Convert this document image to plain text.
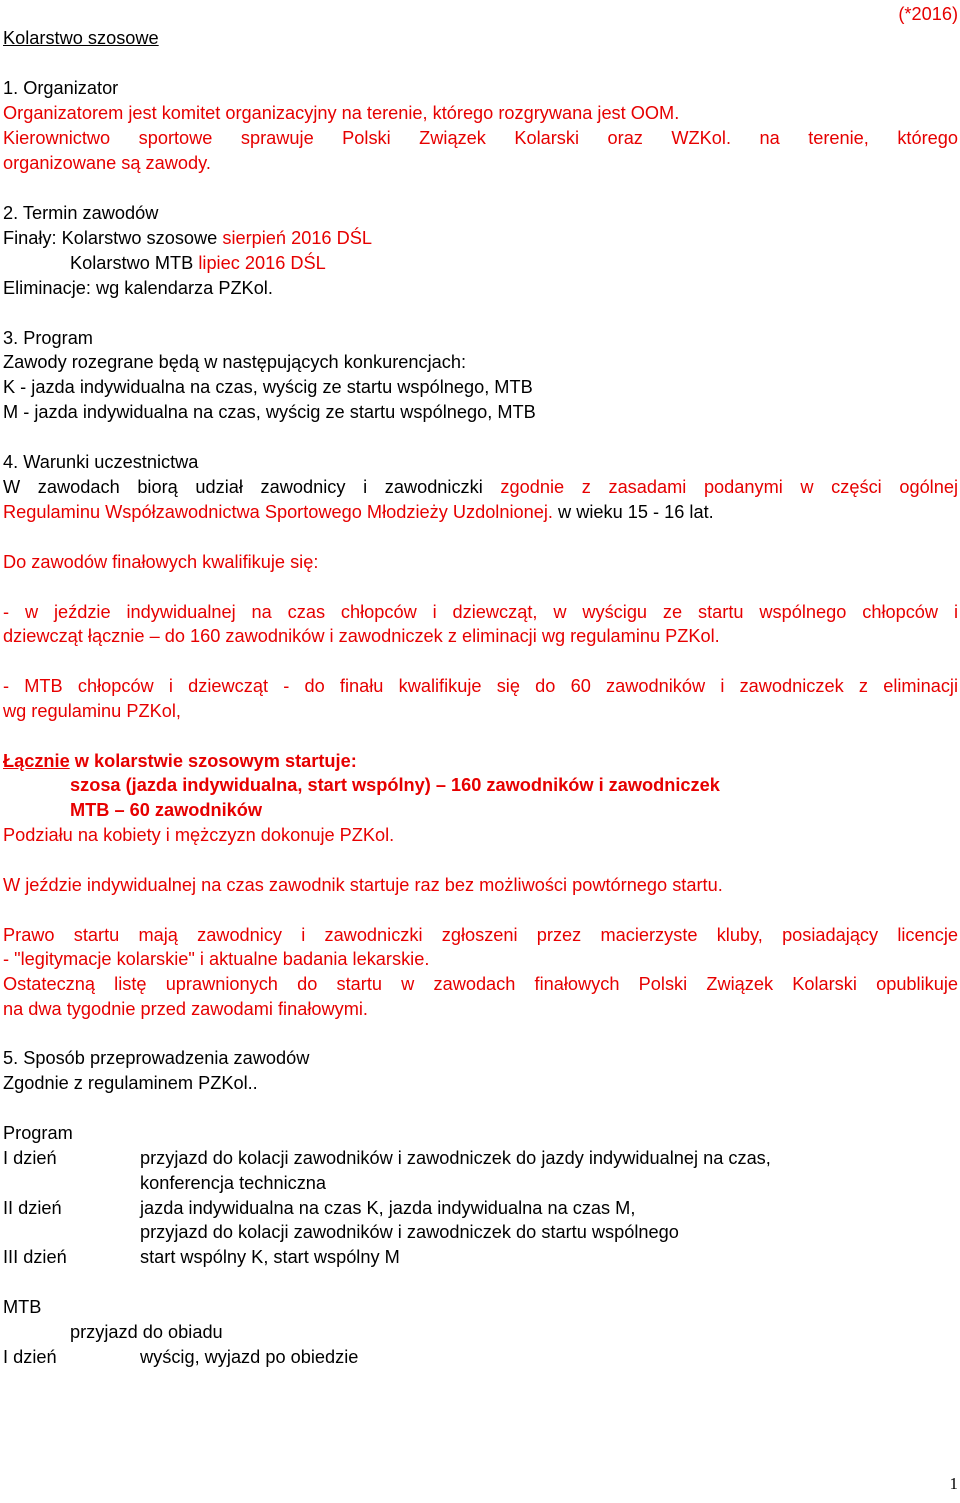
Kolarstwo szosowe
(*2016)
1. Organizator
Organizatorem jest komitet organizacyjny na terenie, którego rozgrywana jest OOM.
Kierownictwo sportowe sprawuje Polski Związek Kolarski oraz WZKol. na terenie, którego
organizowane są zawody.
2. Termin zawodów
Finały: Kolarstwo szosowe sierpień 2016 DŚL
Kolarstwo MTB lipiec 2016 DŚL
Eliminacje: wg kalendarza PZKol.
3. Program
Zawody rozegrane będą w następujących konkurencjach:
K - jazda indywidualna na czas, wyścig ze startu wspólnego, MTB
M - jazda indywidualna na czas, wyścig ze startu wspólnego, MTB
4. Warunki uczestnictwa
W zawodach biorą udział zawodnicy i zawodniczki zgodnie z zasadami podanymi w części ogólnej
Regulaminu Współzawodnictwa Sportowego Młodzieży Uzdolnionej. w wieku 15 - 16 lat.
Do zawodów finałowych kwalifikuje się:
- w jeździe indywidualnej na czas chłopców i dziewcząt, w wyścigu ze startu wspólnego chłopców i
dziewcząt łącznie – do 160 zawodników i zawodniczek z eliminacji wg regulaminu PZKol.
- MTB chłopców i dziewcząt - do finału kwalifikuje się do 60 zawodników i zawodniczek z eliminacji
wg regulaminu PZKol,
Łącznie w kolarstwie szosowym startuje:
szosa (jazda indywidualna, start wspólny) – 160 zawodników i zawodniczek
MTB – 60 zawodników
Podziału na kobiety i mężczyzn dokonuje PZKol.
W jeździe indywidualnej na czas zawodnik startuje raz bez możliwości powtórnego startu.
Prawo startu mają zawodnicy i zawodniczki zgłoszeni przez macierzyste kluby, posiadający licencje
- "legitymacje kolarskie" i aktualne badania lekarskie.
Ostateczną listę uprawnionych do startu w zawodach finałowych Polski Związek Kolarski opublikuje
na dwa tygodnie przed zawodami finałowymi.
5. Sposób przeprowadzenia zawodów
Zgodnie z regulaminem PZKol..
Program
I dzień	przyjazd do kolacji zawodników i zawodniczek do jazdy indywidualnej na czas,
konferencja techniczna
II dzień	jazda indywidualna na czas K, jazda indywidualna na czas M,
przyjazd do kolacji zawodników i zawodniczek do startu wspólnego
III dzień	start wspólny K, start wspólny M
MTB
przyjazd do obiadu
I dzień	wyścig, wyjazd po obiedzie
1
